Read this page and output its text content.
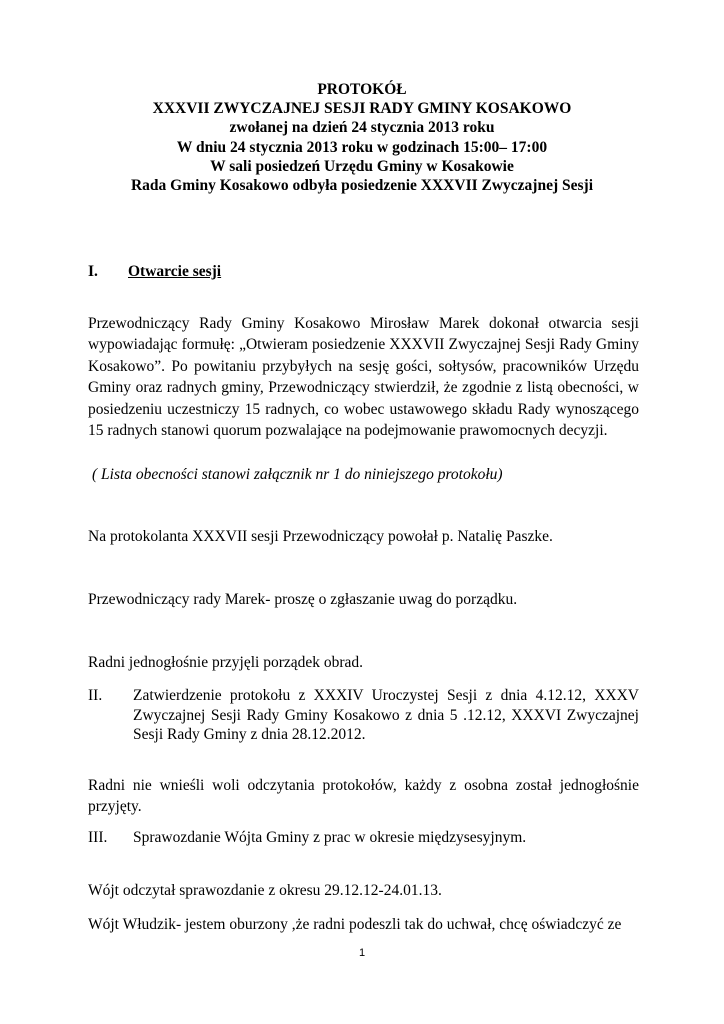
PROTOKÓŁ
XXXVII ZWYCZAJNEJ SESJI RADY GMINY KOSAKOWO
zwołanej na dzień 24 stycznia 2013 roku
W dniu 24 stycznia 2013 roku w godzinach 15:00– 17:00
W sali posiedzeń Urzędu Gminy w Kosakowie
Rada Gminy Kosakowo odbyła posiedzenie XXXVII Zwyczajnej Sesji
I. Otwarcie sesji
Przewodniczący Rady Gminy Kosakowo Mirosław Marek dokonał otwarcia sesji wypowiadając formułę: „Otwieram posiedzenie XXXVII Zwyczajnej Sesji Rady Gminy Kosakowo”. Po powitaniu przybyłych na sesję gości, sołtysów, pracowników Urzędu Gminy oraz radnych gminy, Przewodniczący stwierdził, że zgodnie z listą obecności, w posiedzeniu uczestniczy 15 radnych, co wobec ustawowego składu Rady wynoszącego 15 radnych stanowi quorum pozwalające na podejmowanie prawomocnych decyzji.
( Lista obecności stanowi załącznik nr 1 do niniejszego protokołu)
Na protokolanta XXXVII sesji Przewodniczący powołał p. Natalię Paszke.
Przewodniczący rady Marek- proszę o zgłaszanie uwag do porządku.
Radni jednogłośnie przyjęli porządek obrad.
II.	Zatwierdzenie protokołu z XXXIV Uroczystej Sesji z dnia 4.12.12, XXXV Zwyczajnej Sesji Rady Gminy Kosakowo z dnia 5 .12.12, XXXVI Zwyczajnej Sesji Rady Gminy z dnia 28.12.2012.
Radni nie wnieśli woli odczytania protokołów, każdy z osobna został jednogłośnie przyjęty.
III.	Sprawozdanie Wójta Gminy z prac w okresie międzysesyjnym.
Wójt odczytał sprawozdanie z okresu 29.12.12-24.01.13.
Wójt Włudzik- jestem oburzony ,że radni podeszli tak do uchwał, chcę oświadczyć ze
1
